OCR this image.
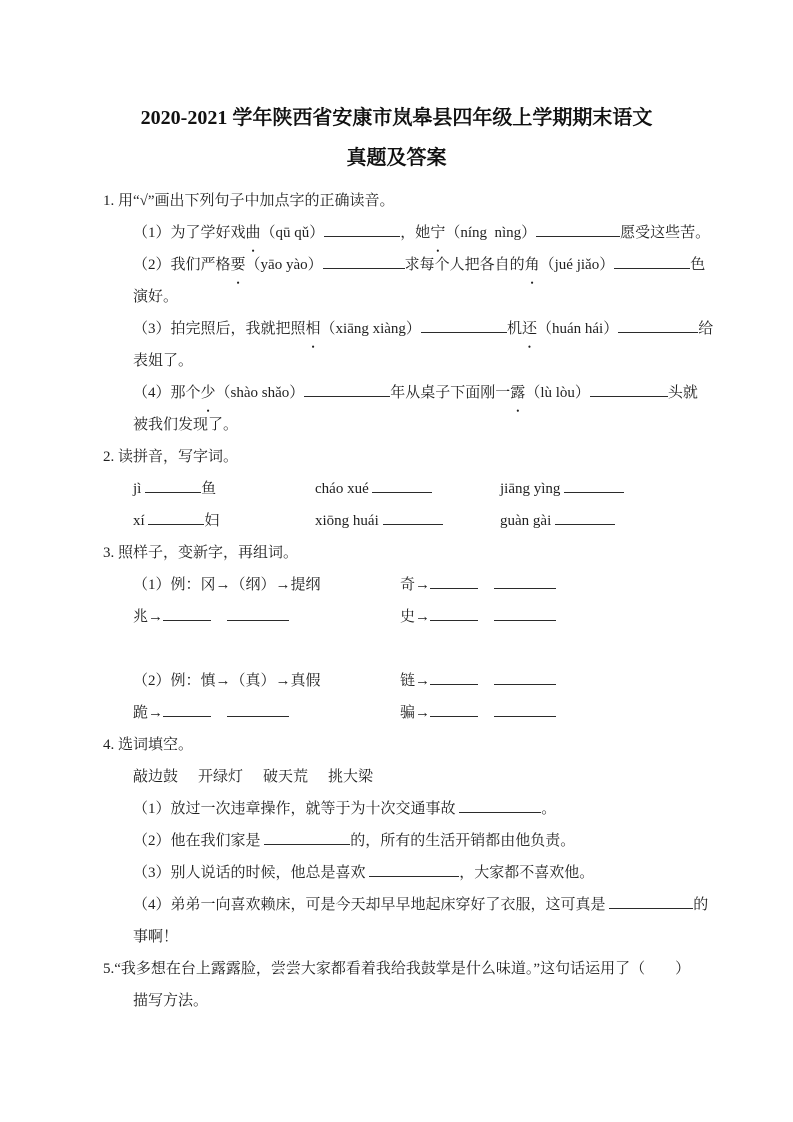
2020-2021 学年陕西省安康市岚皋县四年级上学期期末语文
真题及答案
1. 用“√”画出下列句子中加点字的正确读音。
（1）为了学好戏曲（qū qǔ）	，她宁（níng  nìng）	愿受这些苦。
（2）我们严格要（yāo yào）	求每个人把各自的角（jué jiǎo）	色
演好。
（3）拍完照后，我就把照相（xiāng xiàng）	机还（huán hái）	给
表姐了。
（4）那个少（shào shǎo）	年从桌子下面刚一露（lù lòu）	头就
被我们发现了。
2. 读拼音，写字词。
jì	鱼	cháo xué	jiāng yìng
xí	妇	xiōng huái	guàn gài
3. 照样子，变新字，再组词。
（1）例：冈→（纲）→提纲	奇→
兆→	史→
（2）例：慎→（真）→真假	链→
跪→	骗→
4. 选词填空。
敲边鼓 开绿灯 破天荒 挑大梁
（1）放过一次违章操作，就等于为十次交通事故	。
（2）他在我们家是	的，所有的生活开销都由他负责。
（3）别人说话的时候，他总是喜欢	，大家都不喜欢他。
（4）弟弟一向喜欢赖床，可是今天却早早地起床穿好了衣服，这可真是	的
事啊！
5.“我多想在台上露露脸，尝尝大家都看着我给我鼓掌是什么味道。”这句话运用了（　　）
描写方法。
